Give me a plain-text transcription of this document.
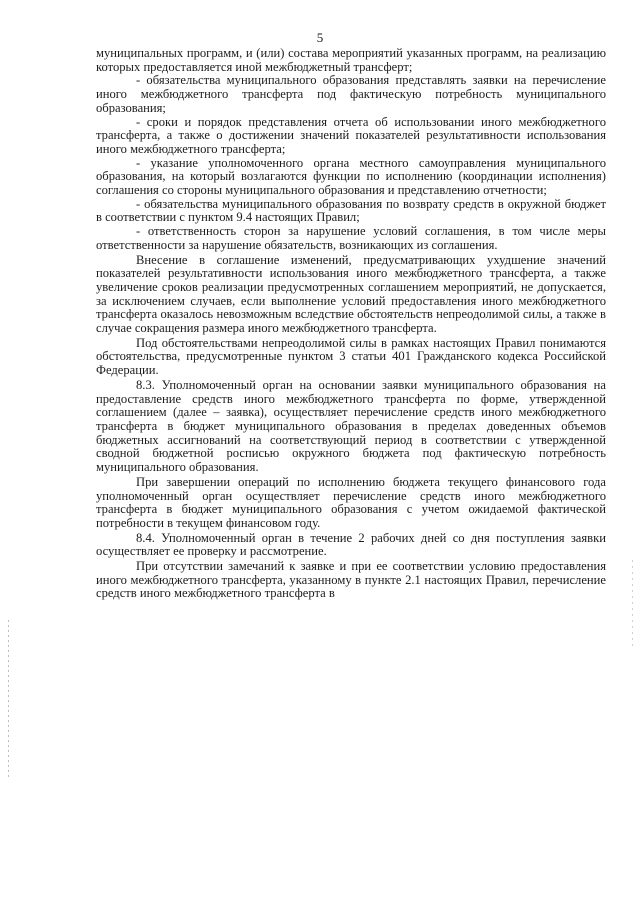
5

муниципальных программ, и (или) состава мероприятий указанных программ, на реализацию которых предоставляется иной межбюджетный трансферт;

- обязательства муниципального образования представлять заявки на перечисление иного межбюджетного трансферта под фактическую потребность муниципального образования;

- сроки и порядок представления отчета об использовании иного межбюджетного трансферта, а также о достижении значений показателей результативности использования иного межбюджетного трансферта;

- указание уполномоченного органа местного самоуправления муниципального образования, на который возлагаются функции по исполнению (координации исполнения) соглашения со стороны муниципального образования и представлению отчетности;

- обязательства муниципального образования по возврату средств в окружной бюджет в соответствии с пунктом 9.4 настоящих Правил;

- ответственность сторон за нарушение условий соглашения, в том числе меры ответственности за нарушение обязательств, возникающих из соглашения.

Внесение в соглашение изменений, предусматривающих ухудшение значений показателей результативности использования иного межбюджетного трансферта, а также увеличение сроков реализации предусмотренных соглашением мероприятий, не допускается, за исключением случаев, если выполнение условий предоставления иного межбюджетного трансферта оказалось невозможным вследствие обстоятельств непреодолимой силы, а также в случае сокращения размера иного межбюджетного трансферта.

Под обстоятельствами непреодолимой силы в рамках настоящих Правил понимаются обстоятельства, предусмотренные пунктом 3 статьи 401 Гражданского кодекса Российской Федерации.

8.3. Уполномоченный орган на основании заявки муниципального образования на предоставление средств иного межбюджетного трансферта по форме, утвержденной соглашением (далее – заявка), осуществляет перечисление средств иного межбюджетного трансферта в бюджет муниципального образования в пределах доведенных объемов бюджетных ассигнований на соответствующий период в соответствии с утвержденной сводной бюджетной росписью окружного бюджета под фактическую потребность муниципального образования.

При завершении операций по исполнению бюджета текущего финансового года уполномоченный орган осуществляет перечисление средств иного межбюджетного трансферта в бюджет муниципального образования с учетом ожидаемой фактической потребности в текущем финансовом году.

8.4. Уполномоченный орган в течение 2 рабочих дней со дня поступления заявки осуществляет ее проверку и рассмотрение.

При отсутствии замечаний к заявке и при ее соответствии условию предоставления иного межбюджетного трансферта, указанному в пункте 2.1 настоящих Правил, перечисление средств иного межбюджетного трансферта в
